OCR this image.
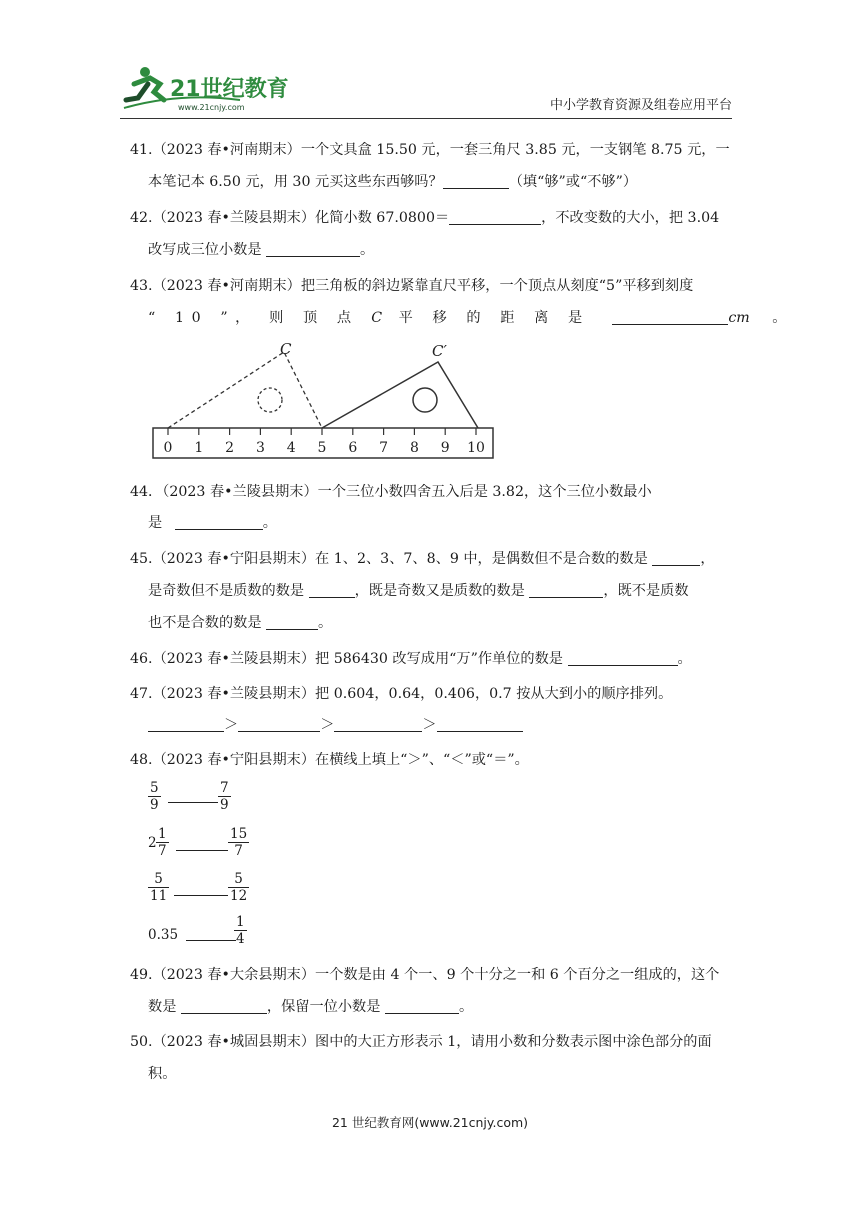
21世纪教育
www.21cnjy.com	中小学教育资源及组卷应用平台
41.（2023 春•河南期末）一个文具盒 15.50 元，一套三角尺 3.85 元，一支钢笔 8.75 元，一
本笔记本 6.50 元，用 30 元买这些东西够吗？	（填“够”或“不够”）
42.（2023 春•兰陵县期末）化简小数 67.0800＝	，不改变数的大小，把 3.04
改写成三位小数是	。
43.（2023 春•河南期末）把三角板的斜边紧靠直尺平移，一个顶点从刻度“5”平移到刻度
“ 10 ”， 则 顶 点 C 平 移 的 距 离 是	cm 。
C	C′
0 1 2 3 4 5 6 7 8 9 10
44．（2023 春•兰陵县期末）一个三位小数四舍五入后是 3.82，这个三位小数最小
是	。
45.（2023 春•宁阳县期末）在 1、2、3、7、8、9 中，是偶数但不是合数的数是	，
是奇数但不是质数的数是	，既是奇数又是质数的数是	，既不是质数
也不是合数的数是	。
46.（2023 春•兰陵县期末）把 586430 改写成用“万”作单位的数是	。
47.（2023 春•兰陵县期末）把 0.604，0.64，0.406，0.7 按从大到小的顺序排列。
＞	＞	＞
48.（2023 春•宁阳县期末）在横线上填上“＞”、“＜”或“＝”。
$\frac{5}{9}$	$\frac{7}{9}$
$2 \frac{1}{7}$	$\frac{15}{7}$
$\frac{5}{11}$	$\frac{5}{12}$
0.35	$\frac{1}{4}$
49.（2023 春•大余县期末）一个数是由 4 个一、9 个十分之一和 6 个百分之一组成的，这个
数是	，保留一位小数是	。
50.（2023 春•城固县期末）图中的大正方形表示 1，请用小数和分数表示图中涂色部分的面
积。
21 世纪教育网(www.21cnjy.com)
